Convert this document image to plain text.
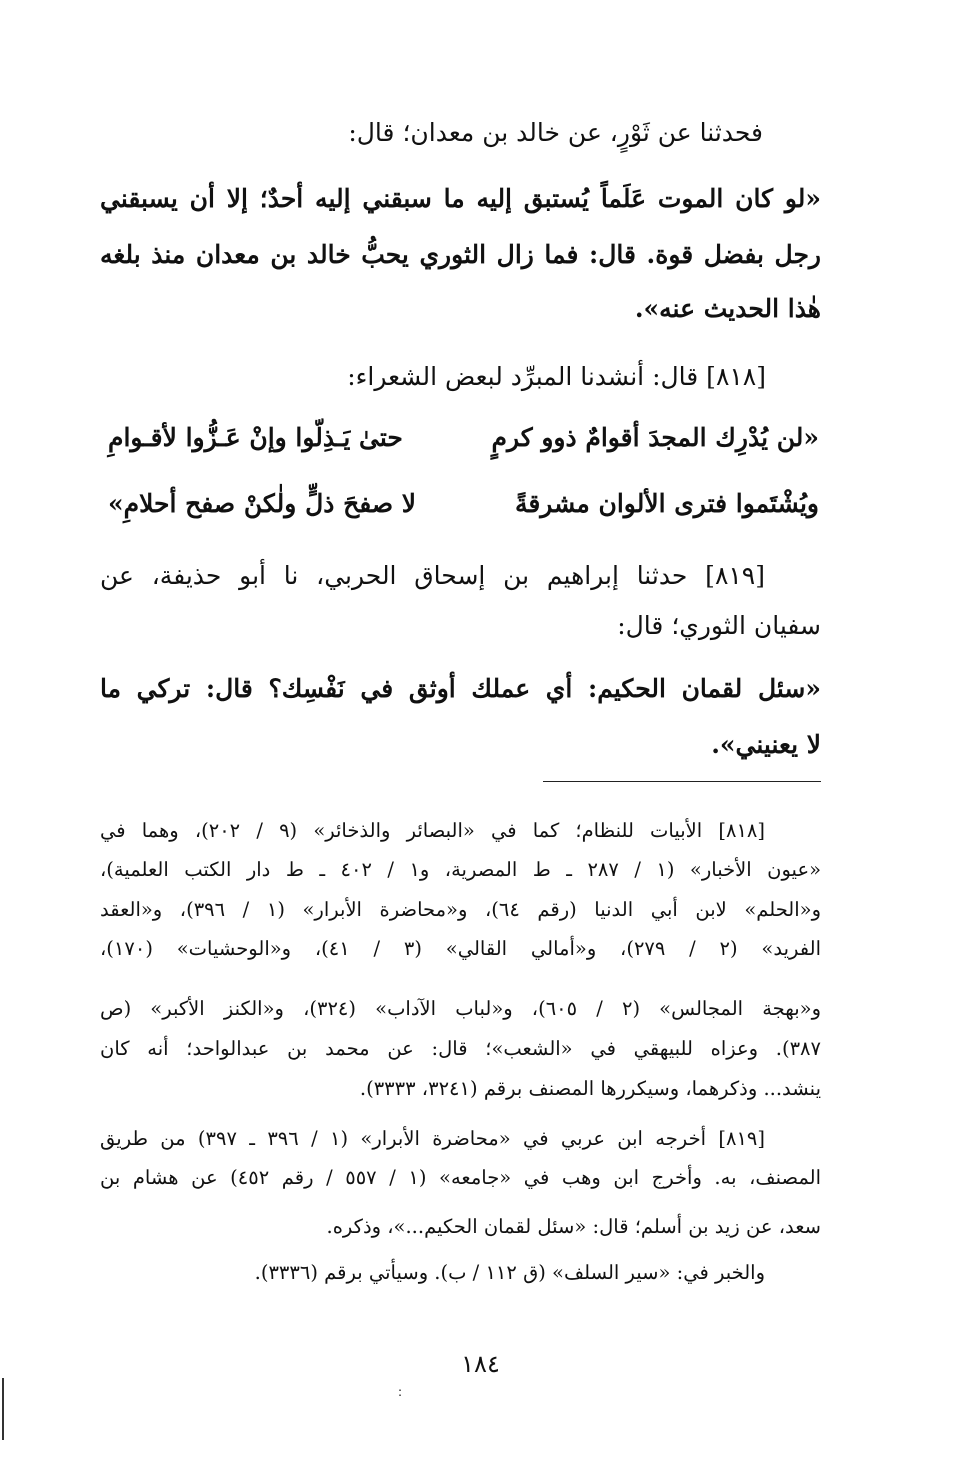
فحدثنا عن ثَوْرٍ، عن خالد بن معدان؛ قال:
«لو كان الموت عَلَماً يُستبق إليه ما سبقني إليه أحدٌ؛ إلا أن يسبقني
رجل بفضل قوة. قال: فما زال الثوري يحبُّ خالد بن معدان منذ بلغه
هٰذا الحديث عنه».
[٨١٨] قال: أنشدنا المبرِّد لبعض الشعراء:
«لن يُدْرِك المجدَ أقوامٌ ذوو كرمٍ
حتىٰ يَـذِلّوا وإنْ عَـزُّوا لأقـوامِ
ويُشْتَموا فترى الألوان مشرقةً
لا صفحَ ذلٍّ ولٰكنْ صفح أحلامِ»
[٨١٩] حدثنا إبراهيم بن إسحاق الحربي، نا أبو حذيفة، عن
سفيان الثوري؛ قال:
«سئل لقمان الحكيم: أي عملك أوثق في نَفْسِك؟ قال: تركي ما
لا يعنيني».
[٨١٨] الأبيات للنظام؛ كما في «البصائر والذخائر» (٩ / ٢٠٢)، وهما في
«عيون الأخبار» (١ / ٢٨٧ ـ ط المصرية، و١ / ٤٠٢ ـ ط دار الكتب العلمية)،
و«الحلم» لابن أبي الدنيا (رقم ٦٤)، و«محاضرة الأبرار» (١ / ٣٩٦)، و«العقد
الفريد» (٢ / ٢٧٩)، و«أمالي القالي» (٣ / ٤١)، و«الوحشيات» (١٧٠)،
و«بهجة المجالس» (٢ / ٦٠٥)، و«لباب الآداب» (٣٢٤)، و«الكنز الأكبر» (ص
٣٨٧). وعزاه للبيهقي في «الشعب»؛ قال: عن محمد بن عبدالواحد؛ أنه كان
ينشد... وذكرهما، وسيكررها المصنف برقم (٣٢٤١، ٣٣٣٣).
[٨١٩] أخرجه ابن عربي في «محاضرة الأبرار» (١ / ٣٩٦ ـ ٣٩٧) من طريق
المصنف، به. وأخرج ابن وهب في «جامعه» (١ / ٥٥٧ / رقم ٤٥٢) عن هشام بن
سعد، عن زيد بن أسلم؛ قال: «سئل لقمان الحكيم...»، وذكره.
والخبر في: «سير السلف» (ق ١١٢ / ب). وسيأتي برقم (٣٣٣٦).
١٨٤
:
